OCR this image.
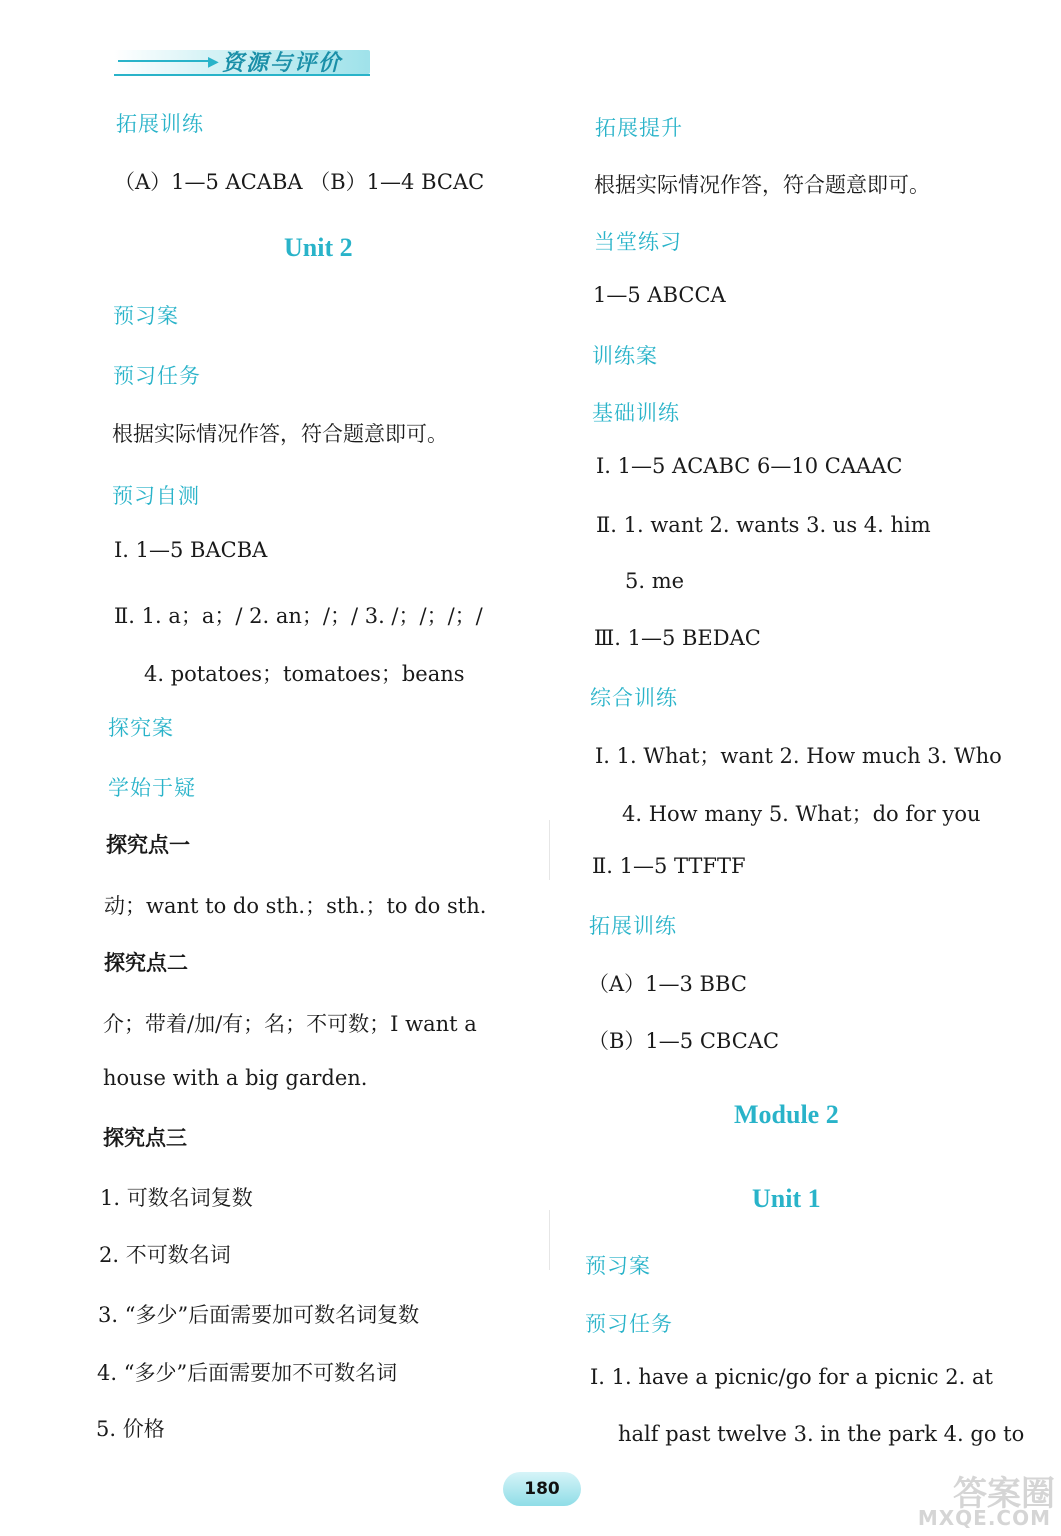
▶ 资源与评价
拓展训练
（A）1—5 ACABA （B）1—4 BCAC
Unit 2
预习案
预习任务
根据实际情况作答，符合题意即可。
预习自测
Ⅰ. 1—5 BACBA
Ⅱ. 1. a；a；/ 2. an；/；/ 3. /；/；/；/
4. potatoes；tomatoes；beans
探究案
学始于疑
探究点一
动；want to do sth.；sth.；to do sth.
探究点二
介；带着/加/有；名；不可数；I want a
house with a big garden.
探究点三
1. 可数名词复数
2. 不可数名词
3. “多少”后面需要加可数名词复数
4. “多少”后面需要加不可数名词
5. 价格
拓展提升
根据实际情况作答，符合题意即可。
当堂练习
1—5 ABCCA
训练案
基础训练
Ⅰ. 1—5 ACABC 6—10 CAAAC
Ⅱ. 1. want 2. wants 3. us 4. him
5. me
Ⅲ. 1—5 BEDAC
综合训练
Ⅰ. 1. What；want 2. How much 3. Who
4. How many 5. What；do for you
Ⅱ. 1—5 TTFTF
拓展训练
（A）1—3 BBC
（B）1—5 CBCAC
Module 2
Unit 1
预习案
预习任务
Ⅰ. 1. have a picnic/go for a picnic 2. at
half past twelve 3. in the park 4. go to
180	答案圈
MXQE.COM
